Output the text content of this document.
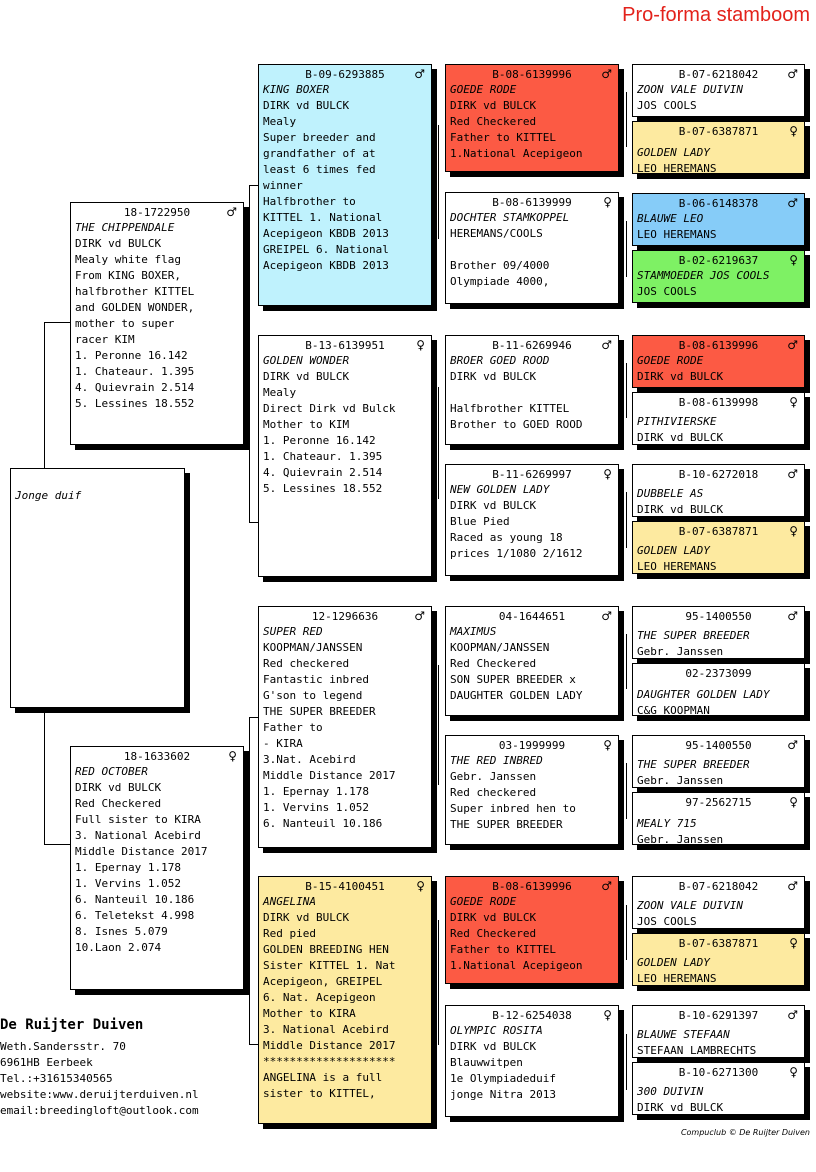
Pro-forma stamboom
Jonge duif
18-1722950	♂
THE CHIPPENDALE
DIRK vd BULCK
Mealy white flag
From KING BOXER,
halfbrother KITTEL
and GOLDEN WONDER,
mother to super
racer KIM
1. Peronne 16.142
1. Chateaur. 1.395
4. Quievrain 2.514
5. Lessines 18.552
18-1633602	♀
RED OCTOBER
DIRK vd BULCK
Red Checkered
Full sister to KIRA
3. National Acebird
Middle Distance 2017
1. Epernay 1.178
1. Vervins 1.052
6. Nanteuil 10.186
6. Teletekst 4.998
8. Isnes 5.079
10.Laon 2.074
B-09-6293885 ♂
KING BOXER
DIRK vd BULCK
Mealy
Super breeder and
grandfather of at
least 6 times fed
winner
Halfbrother to
KITTEL 1. National
Acepigeon KBDB 2013
GREIPEL 6. National
Acepigeon KBDB 2013
B-13-6139951	♀
GOLDEN WONDER
DIRK vd BULCK
Mealy
Direct Dirk vd Bulck
Mother to KIM
1. Peronne 16.142
1. Chateaur. 1.395
4. Quievrain 2.514
5. Lessines 18.552
12-1296636	♂
SUPER RED
KOOPMAN/JANSSEN
Red checkered
Fantastic inbred
G'son to legend
THE SUPER BREEDER
Father to
- KIRA
3.Nat. Acebird
Middle Distance 2017
1. Epernay 1.178
1. Vervins 1.052
6. Nanteuil 10.186
B-15-4100451	♀
ANGELINA
DIRK vd BULCK
Red pied
GOLDEN BREEDING HEN
Sister KITTEL 1. Nat
Acepigeon, GREIPEL
6. Nat. Acepigeon
Mother to KIRA
3. National Acebird
Middle Distance 2017
********************
ANGELINA is a full
sister to KITTEL,
B-08-6139996 ♂
GOEDE RODE
DIRK vd BULCK
Red Checkered
Father to KITTEL
1.National Acepigeon
B-08-6139999	♀
DOCHTER STAMKOPPEL
HEREMANS/COOLS
Brother 09/4000
Olympiade 4000,
B-11-6269946 ♂
BROER GOED ROOD
DIRK vd BULCK
Halfbrother KITTEL
Brother to GOED ROOD
B-11-6269997	♀
NEW GOLDEN LADY
DIRK vd BULCK
Blue Pied
Raced as young 18
prices 1/1080 2/1612
04-1644651	♂
MAXIMUS
KOOPMAN/JANSSEN
Red Checkered
SON SUPER BREEDER x
DAUGHTER GOLDEN LADY
03-1999999	♀
THE RED INBRED
Gebr. Janssen
Red checkered
Super inbred hen to
THE SUPER BREEDER
B-08-6139996 ♂
GOEDE RODE
DIRK vd BULCK
Red Checkered
Father to KITTEL
1.National Acepigeon
B-12-6254038	♀
OLYMPIC ROSITA
DIRK vd BULCK
Blauwwitpen
1e Olympiadeduif
jonge Nitra 2013
B-07-6218042 ♂
ZOON VALE DUIVIN
JOS COOLS
B-07-6387871	♀
GOLDEN LADY
LEO HEREMANS
B-06-6148378 ♂
BLAUWE LEO
LEO HEREMANS
B-02-6219637	♀
STAMMOEDER JOS COOLS
JOS COOLS
B-08-6139996 ♂
GOEDE RODE
DIRK vd BULCK
B-08-6139998	♀
PITHIVIERSKE
DIRK vd BULCK
B-10-6272018 ♂
DUBBELE AS
DIRK vd BULCK
B-07-6387871	♀
GOLDEN LADY
LEO HEREMANS
95-1400550	♂
THE SUPER BREEDER
Gebr. Janssen
02-2373099
DAUGHTER GOLDEN LADY
C&G KOOPMAN
95-1400550	♂
THE SUPER BREEDER
Gebr. Janssen
97-2562715	♀
MEALY 715
Gebr. Janssen
B-07-6218042 ♂
ZOON VALE DUIVIN
JOS COOLS
B-07-6387871	♀
GOLDEN LADY
LEO HEREMANS
B-10-6291397 ♂
BLAUWE STEFAAN
STEFAAN LAMBRECHTS
B-10-6271300	♀
300 DUIVIN
DIRK vd BULCK
De Ruijter Duiven
Weth.Sandersstr. 70
6961HB Eerbeek
Tel.:+31615340565
website:www.deruijterduiven.nl
email:breedingloft@outlook.com
Compuclub © De Ruijter Duiven
